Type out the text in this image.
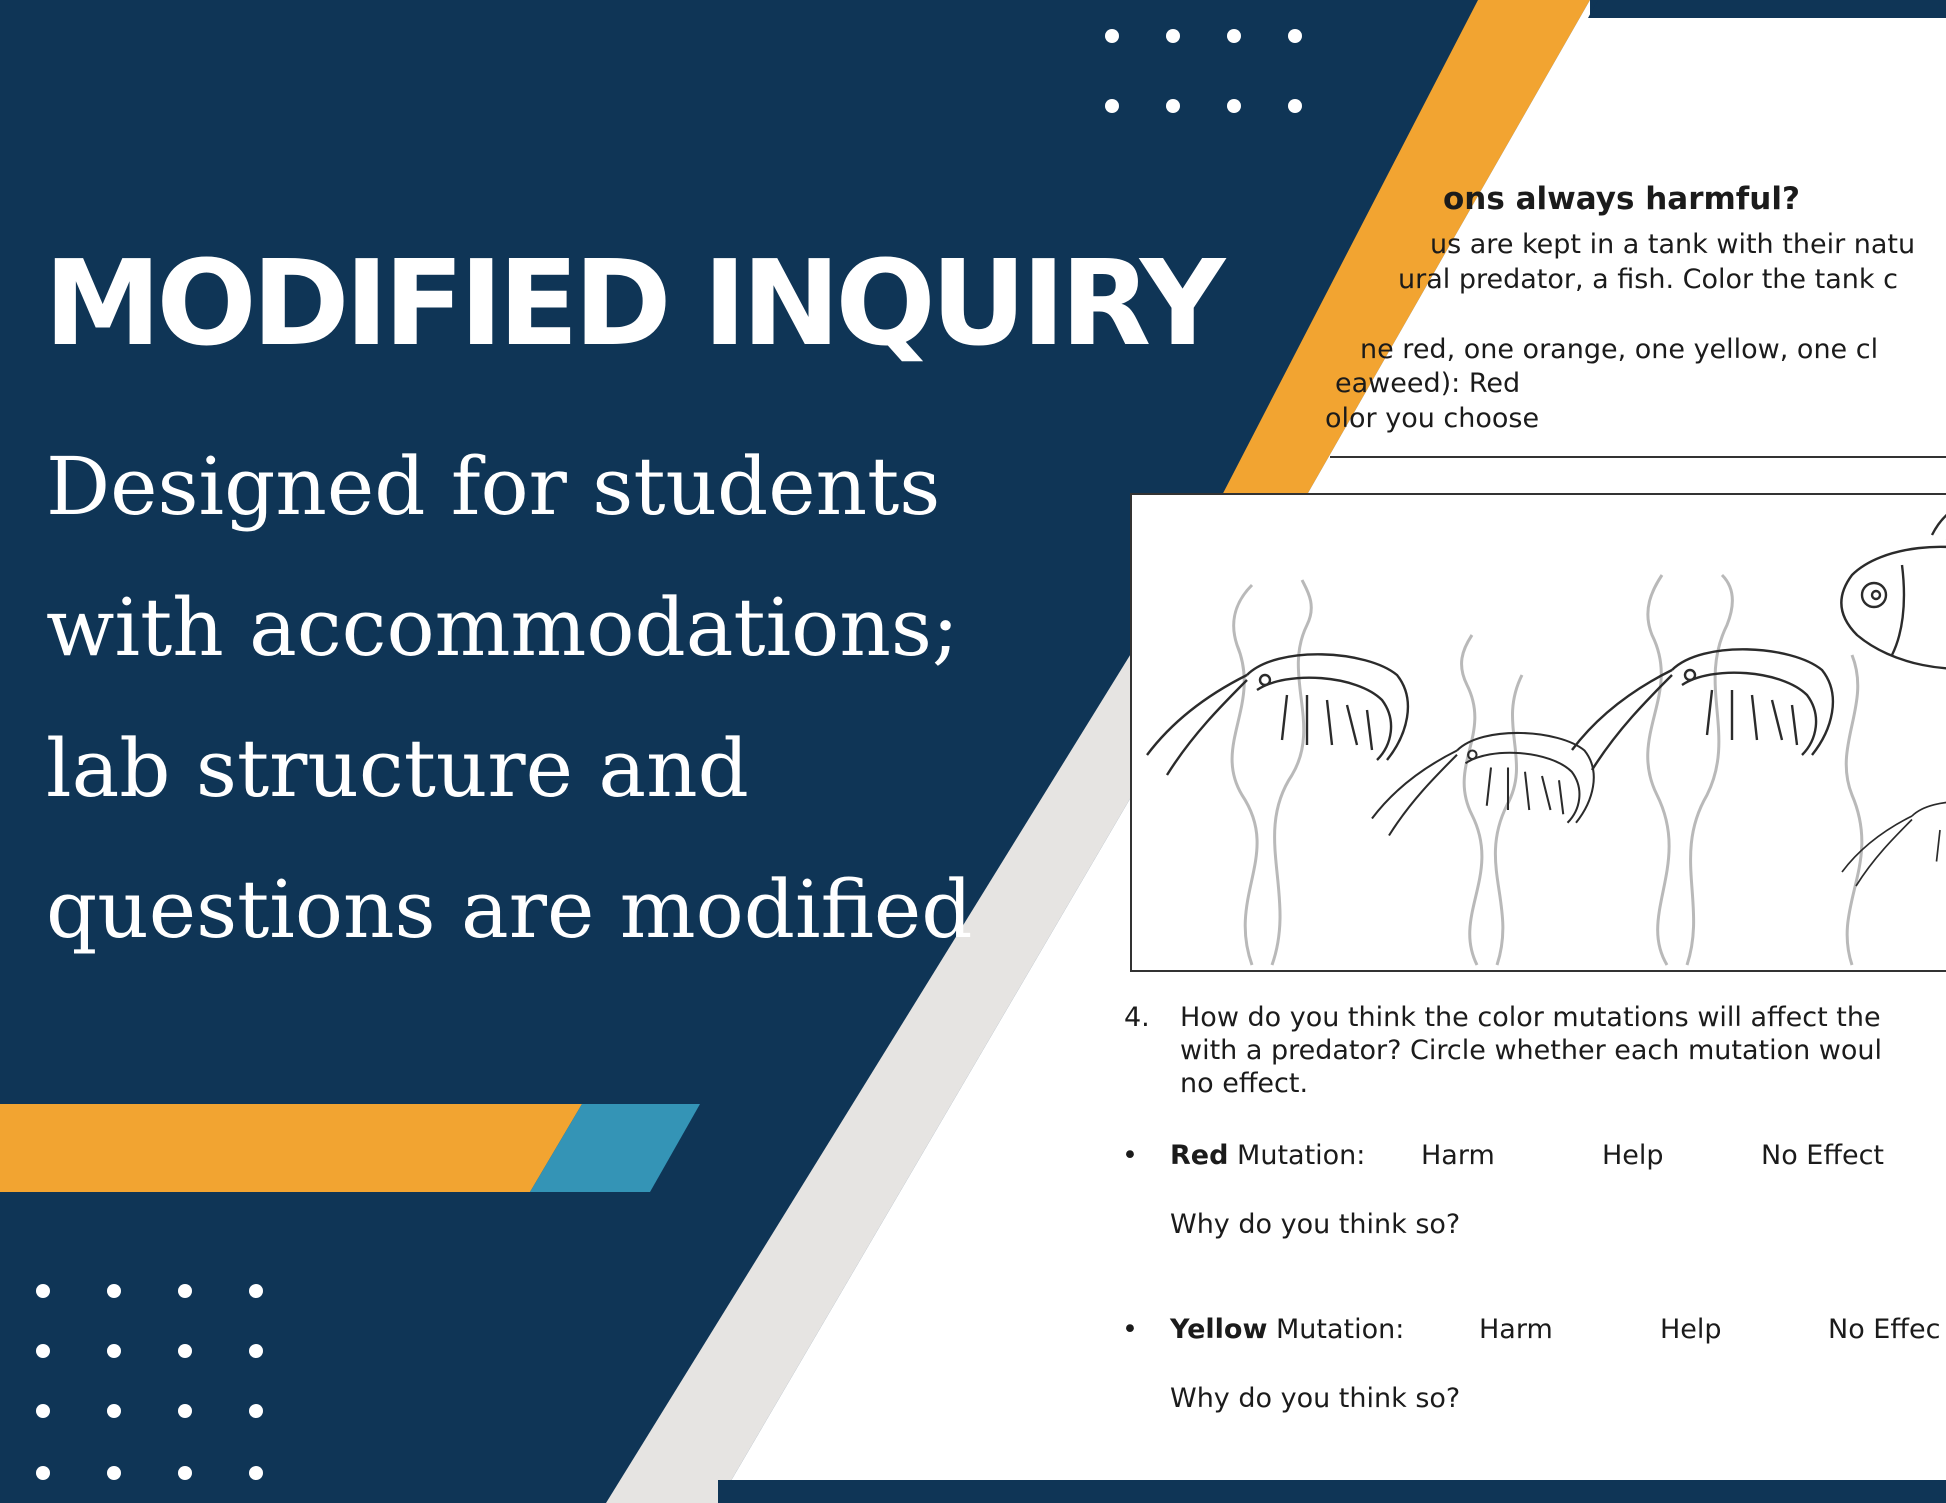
ons always harmful?
us are kept in a tank with their natu
ural predator, a fish. Color the tank c
ne red, one orange, one yellow, one cl
eaweed): Red
olor you choose
4. How do you think the color mutations will affect the
with a predator? Circle whether each mutation woul
no effect.
• Red Mutation: Harm	Help	No Effect
Why do you think so?
• Yellow Mutation:	Harm	Help	No Effec
Why do you think so?
MODIFIED INQUIRY

Designed for students with accommodations; lab structure and questions are modified
